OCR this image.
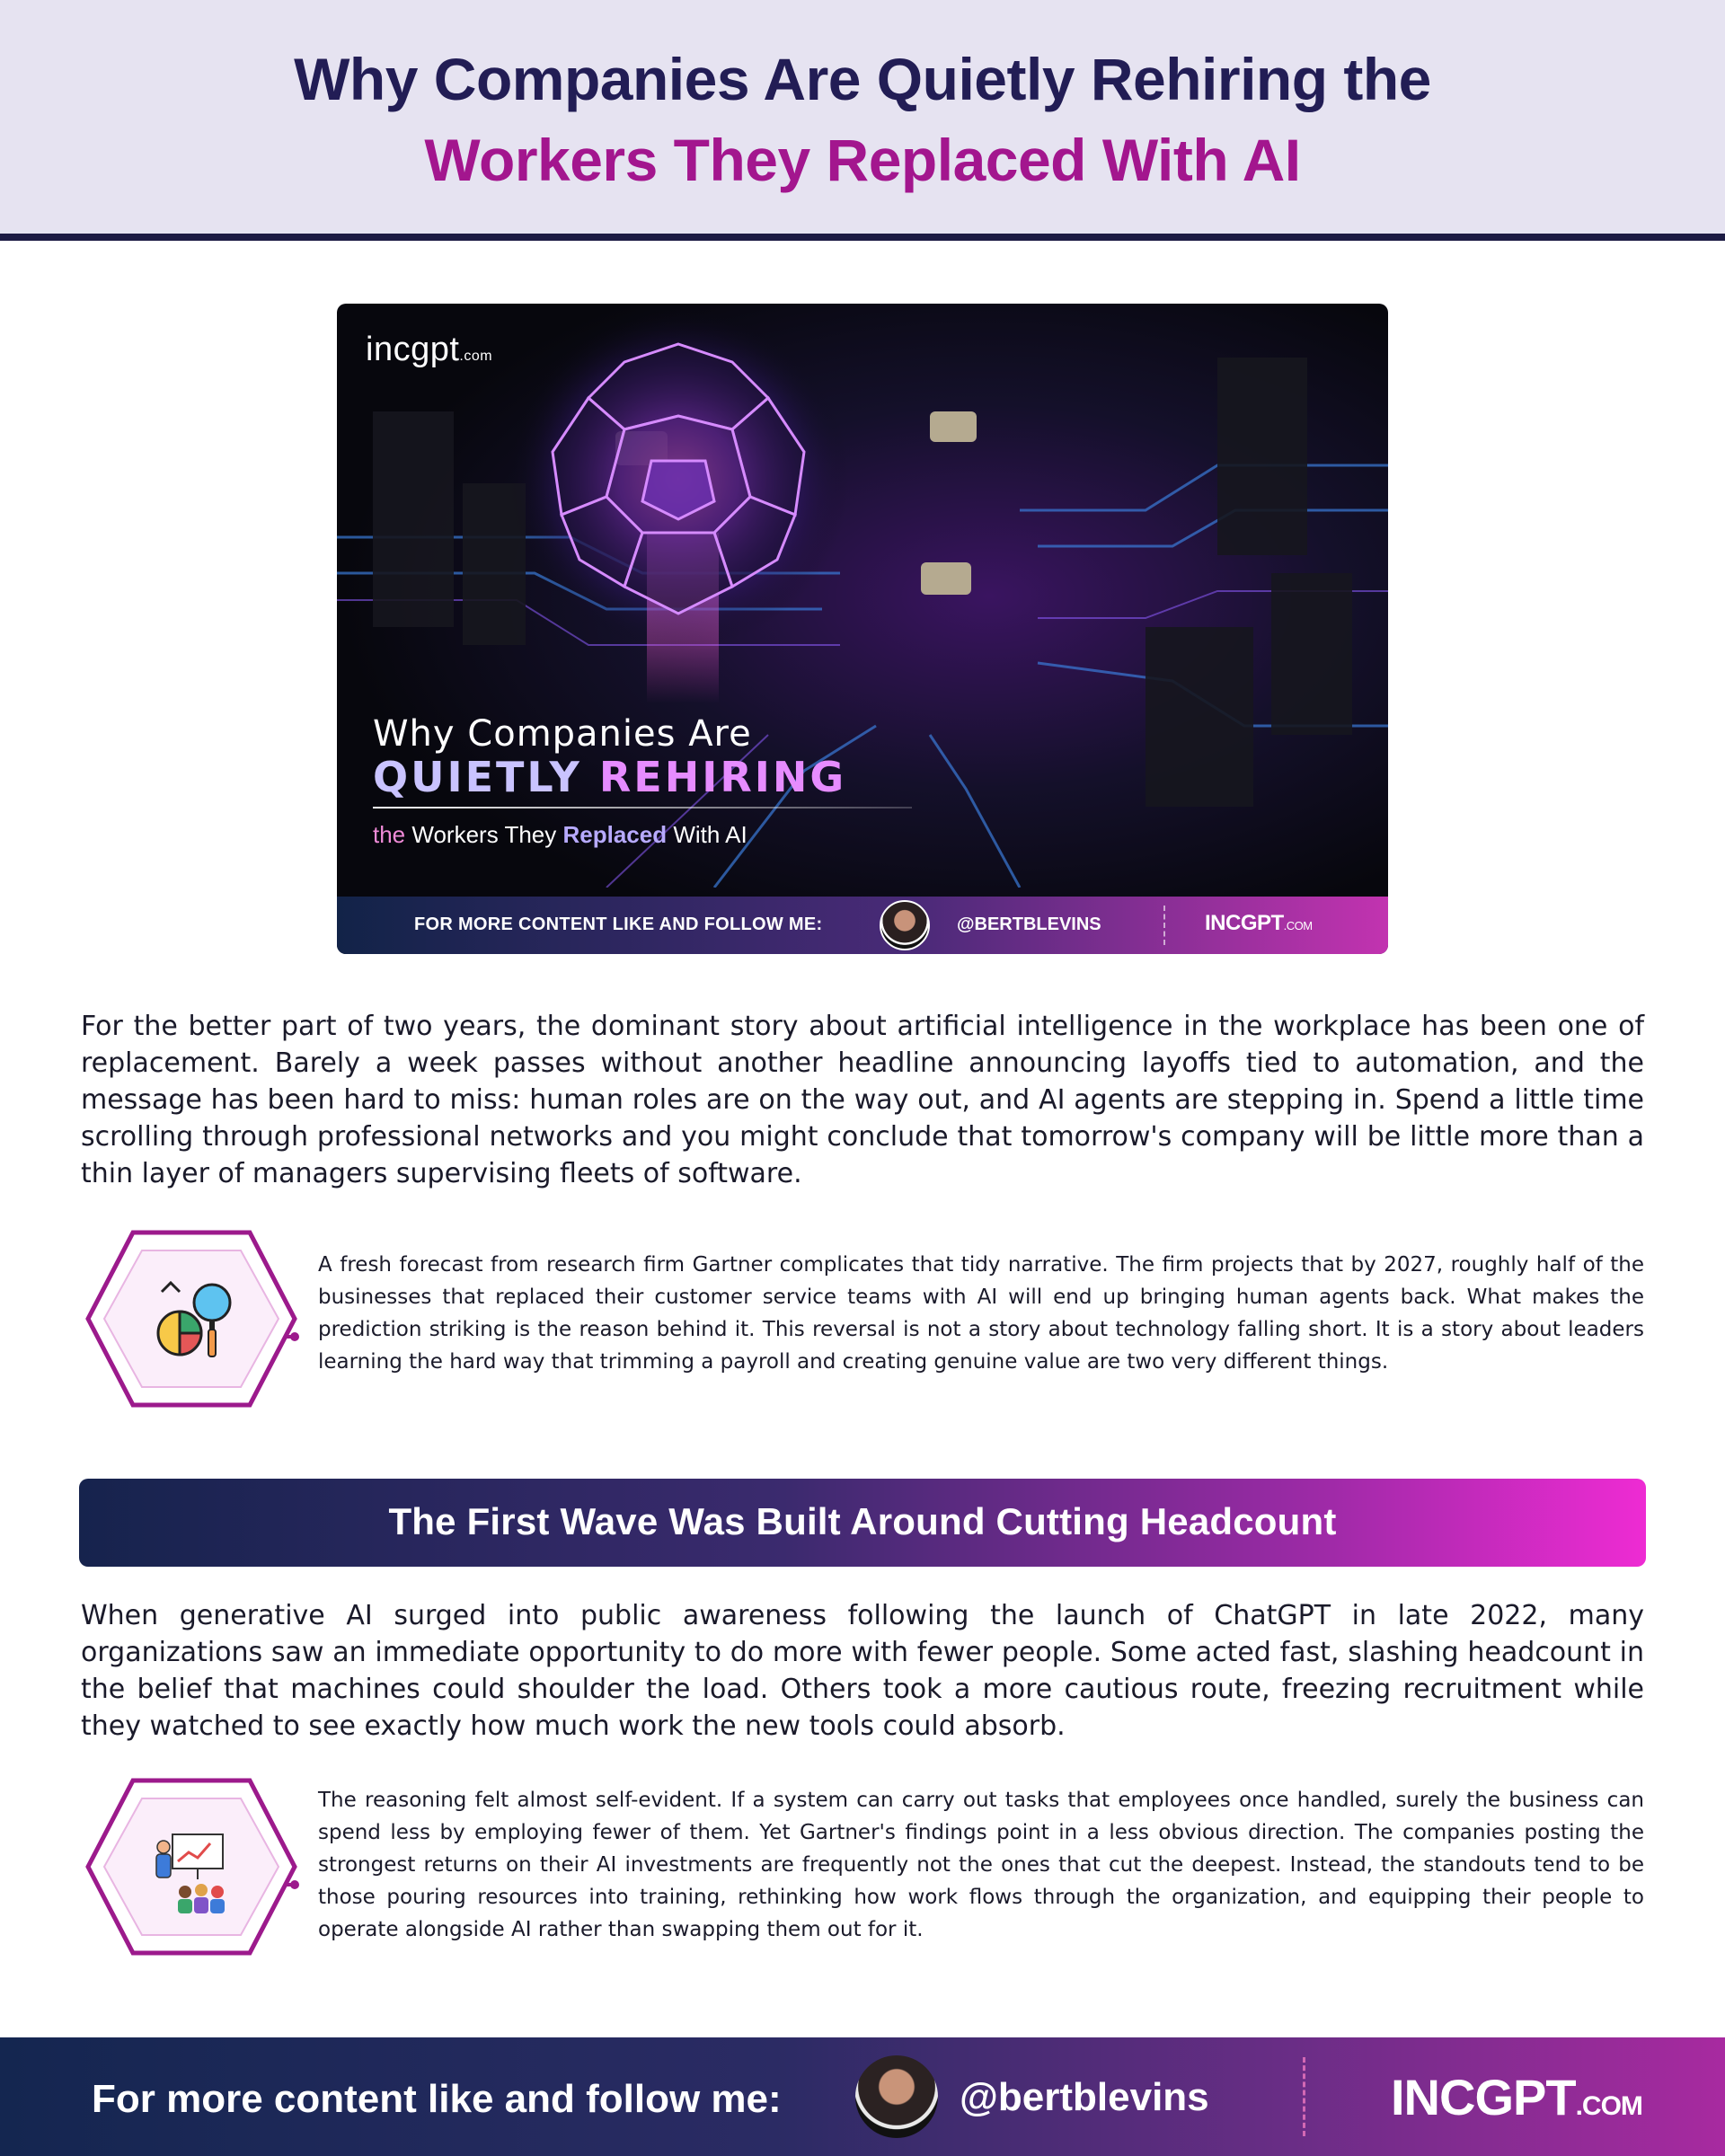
Why Companies Are Quietly Rehiring the
Workers They Replaced With AI
incgpt.com
Why Companies Are
QUIETLY REHIRING
the Workers They Replaced With AI
FOR MORE CONTENT LIKE AND FOLLOW ME:	@BERTBLEVINS	INCGPT.COM

For the better part of two years, the dominant story about artificial intelligence in the workplace has been one of replacement. Barely a week passes without another headline announcing layoffs tied to automation, and the message has been hard to miss: human roles are on the way out, and AI agents are stepping in. Spend a little time scrolling through professional networks and you might conclude that tomorrow's company will be little more than a thin layer of managers supervising fleets of software.

A fresh forecast from research firm Gartner complicates that tidy narrative. The firm projects that by 2027, roughly half of the businesses that replaced their customer service teams with AI will end up bringing human agents back. What makes the prediction striking is the reason behind it. This reversal is not a story about technology falling short. It is a story about leaders learning the hard way that trimming a payroll and creating genuine value are two very different things.

The First Wave Was Built Around Cutting Headcount

When generative AI surged into public awareness following the launch of ChatGPT in late 2022, many organizations saw an immediate opportunity to do more with fewer people. Some acted fast, slashing headcount in the belief that machines could shoulder the load. Others took a more cautious route, freezing recruitment while they watched to see exactly how much work the new tools could absorb.

The reasoning felt almost self-evident. If a system can carry out tasks that employees once handled, surely the business can spend less by employing fewer of them. Yet Gartner's findings point in a less obvious direction. The companies posting the strongest returns on their AI investments are frequently not the ones that cut the deepest. Instead, the standouts tend to be those pouring resources into training, rethinking how work flows through the organization, and equipping their people to operate alongside AI rather than swapping them out for it.

For more content like and follow me:	@bertblevins	INCGPT.COM
